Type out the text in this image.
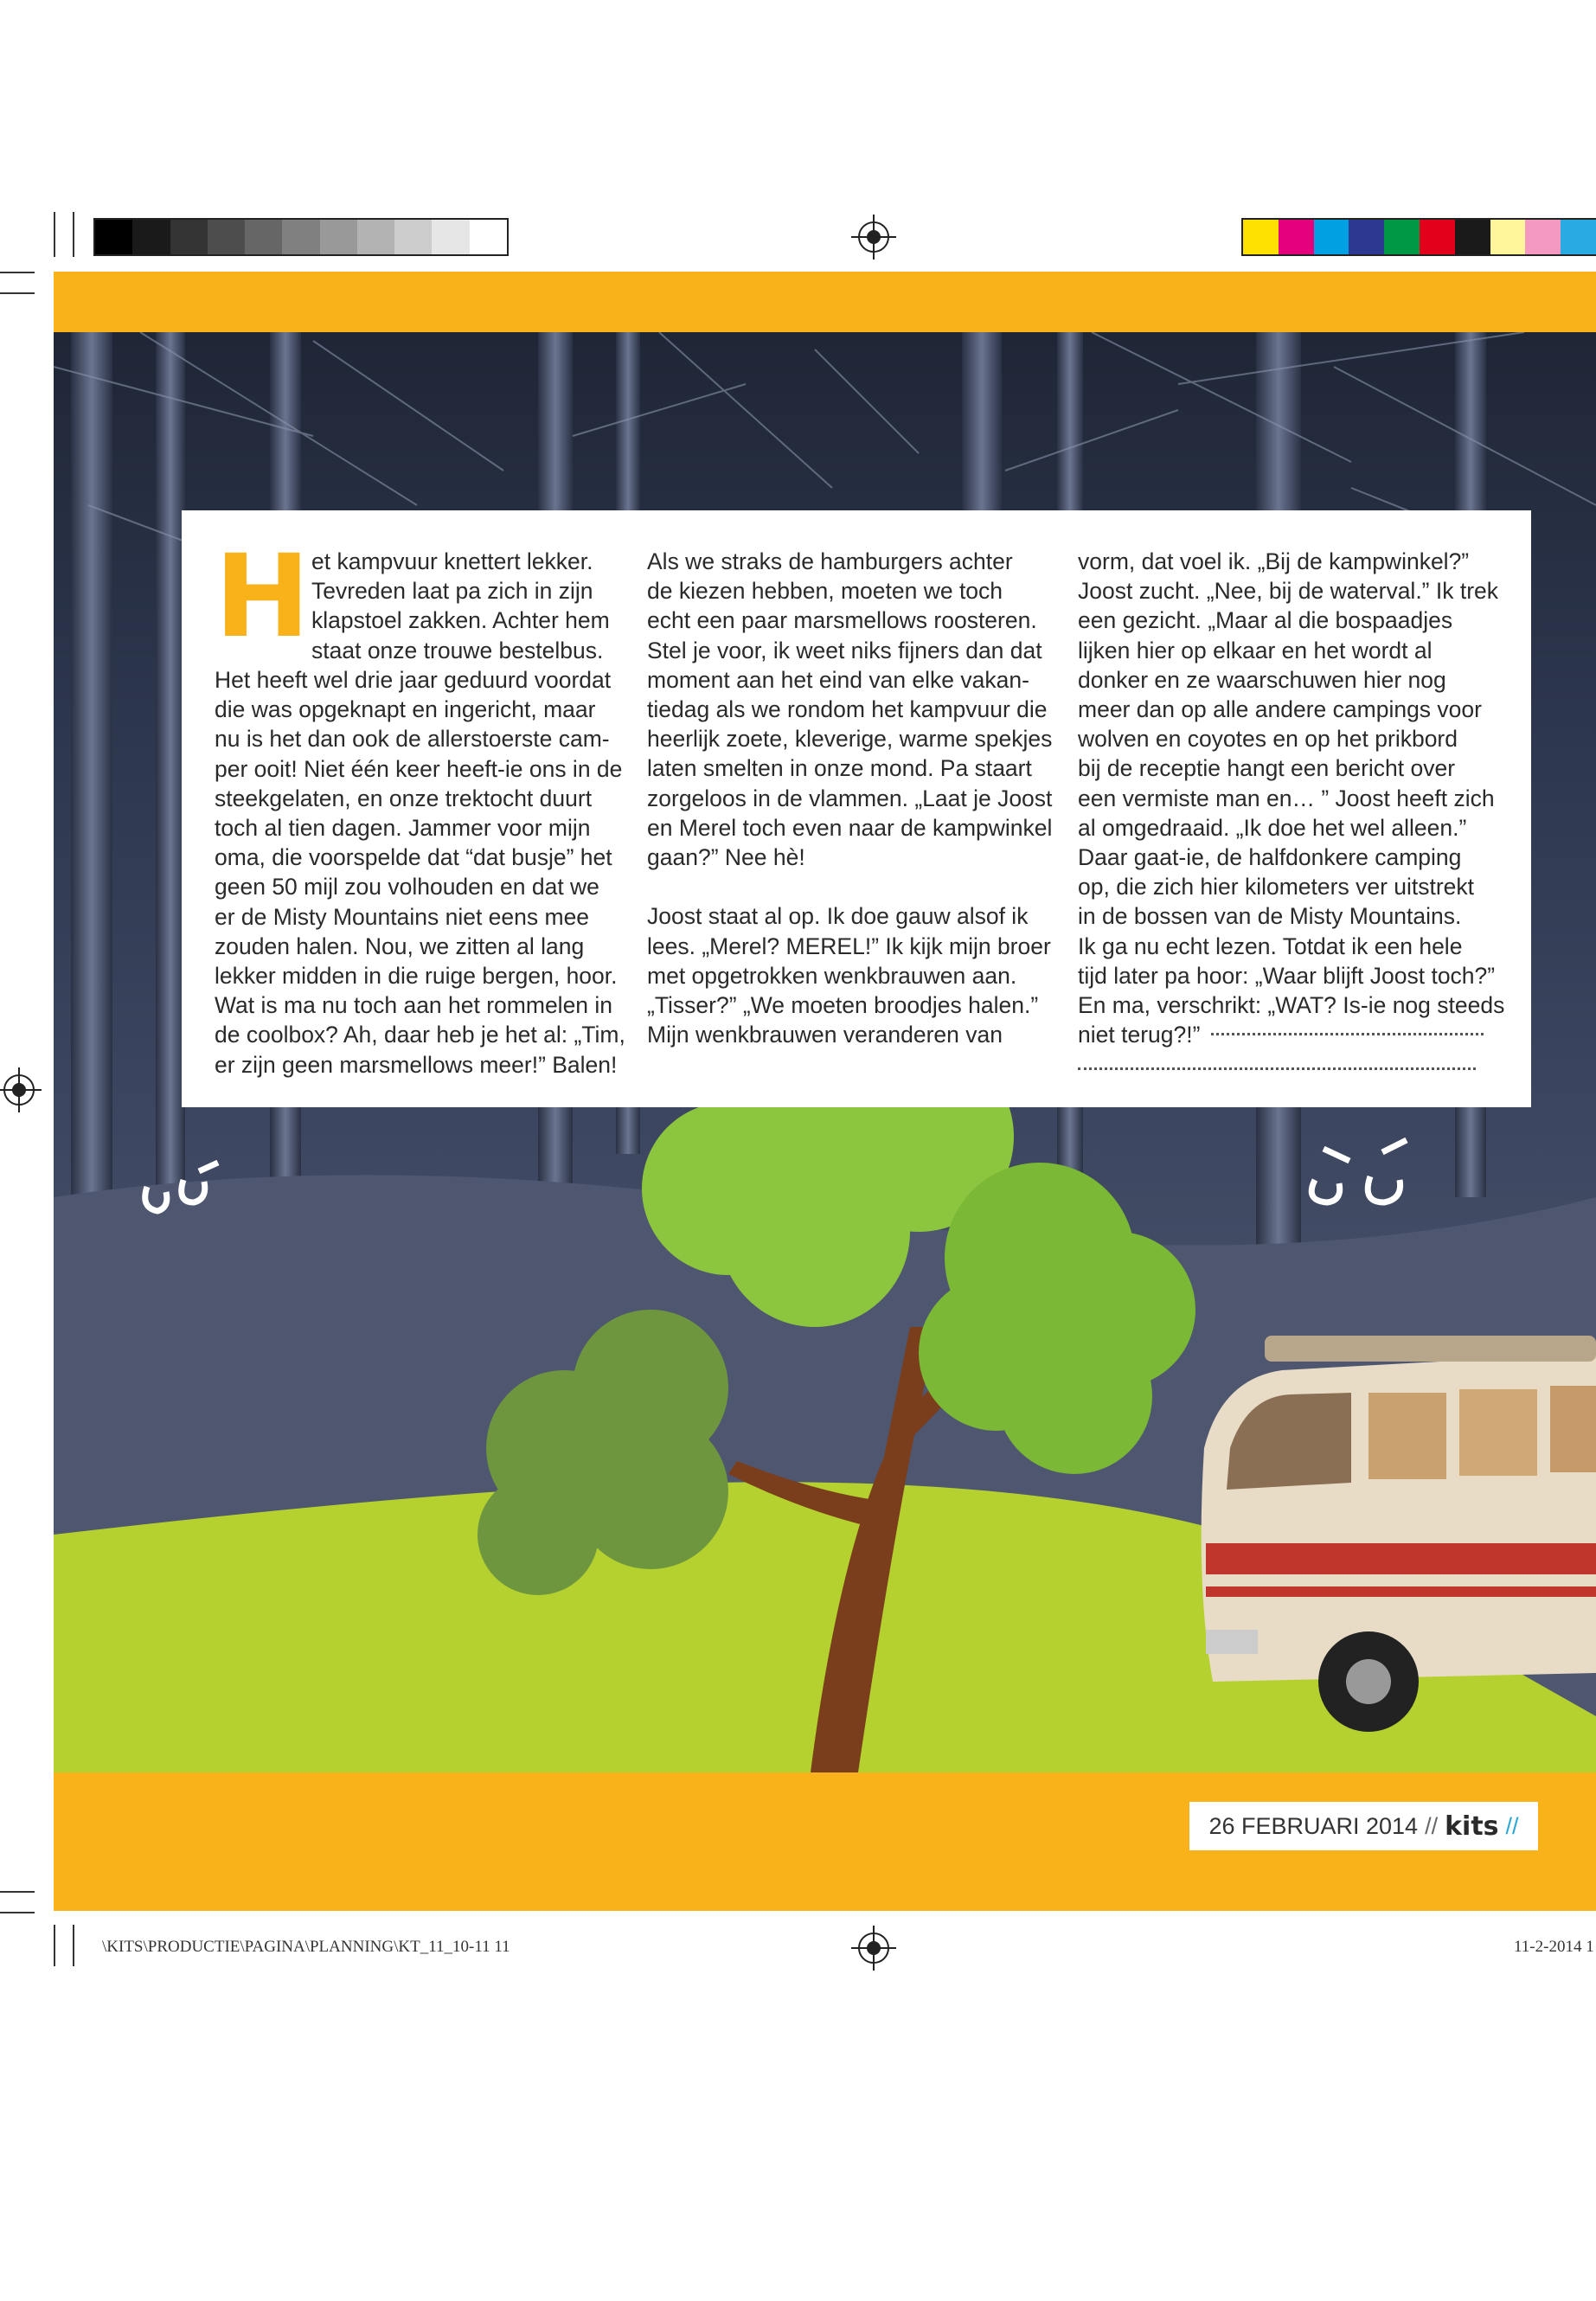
H et kampvuur knettert lekker.
Tevreden laat pa zich in zijn
klapstoel zakken. Achter hem
staat onze trouwe bestelbus.
Het heeft wel drie jaar geduurd voordat
die was opgeknapt en ingericht, maar
nu is het dan ook de allerstoerste cam-
per ooit! Niet één keer heeft-ie ons in de
steekgelaten, en onze trektocht duurt
toch al tien dagen. Jammer voor mijn
oma, die voorspelde dat “dat busje” het
geen 50 mijl zou volhouden en dat we
er de Misty Mountains niet eens mee
zouden halen. Nou, we zitten al lang
lekker midden in die ruige bergen, hoor.
Wat is ma nu toch aan het rommelen in
de coolbox? Ah, daar heb je het al: „Tim,
er zijn geen marsmellows meer!” Balen!
Als we straks de hamburgers achter
de kiezen hebben, moeten we toch
echt een paar marsmellows roosteren.
Stel je voor, ik weet niks fijners dan dat
moment aan het eind van elke vakan-
tiedag als we rondom het kampvuur die
heerlijk zoete, kleverige, warme spekjes
laten smelten in onze mond. Pa staart
zorgeloos in de vlammen. „Laat je Joost
en Merel toch even naar de kampwinkel
gaan?” Nee hè!

Joost staat al op. Ik doe gauw alsof ik
lees. „Merel? MEREL!” Ik kijk mijn broer
met opgetrokken wenkbrauwen aan.
„Tisser?” „We moeten broodjes halen.”
Mijn wenkbrauwen veranderen van
vorm, dat voel ik. „Bij de kampwinkel?”
Joost zucht. „Nee, bij de waterval.” Ik trek
een gezicht. „Maar al die bospaadjes
lijken hier op elkaar en het wordt al
donker en ze waarschuwen hier nog
meer dan op alle andere campings voor
wolven en coyotes en op het prikbord
bij de receptie hangt een bericht over
een vermiste man en… ” Joost heeft zich
al omgedraaid. „Ik doe het wel alleen.”
Daar gaat-ie, de halfdonkere camping
op, die zich hier kilometers ver uitstrekt
in de bossen van de Misty Mountains.
Ik ga nu echt lezen. Totdat ik een hele
tijd later pa hoor: „Waar blijft Joost toch?”
En ma, verschrikt: „WAT? Is-ie nog steeds
niet terug?!”
26 FEBRUARI 2014 // kits //
\KITS\PRODUCTIE\PAGINA\PLANNING\KT_11_10-11 11	11-2-2014 1
